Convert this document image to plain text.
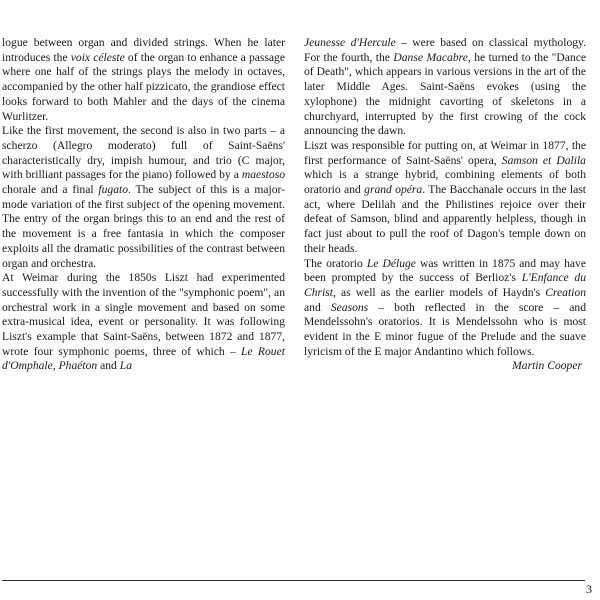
logue between organ and divided strings. When he later introduces the voix céleste of the organ to enhance a passage where one half of the strings plays the melody in octaves, accompanied by the other half pizzicato, the grandiose effect looks forward to both Mahler and the days of the cinema Wurlitzer.

Like the first movement, the second is also in two parts – a scherzo (Allegro moderato) full of Saint-Saëns' characteristically dry, impish humour, and trio (C major, with brilliant passages for the piano) followed by a maestoso chorale and a final fugato. The subject of this is a major-mode variation of the first subject of the opening movement. The entry of the organ brings this to an end and the rest of the movement is a free fantasia in which the composer exploits all the dramatic possibilities of the contrast between organ and orchestra.

At Weimar during the 1850s Liszt had experimented successfully with the invention of the "symphonic poem", an orchestral work in a single movement and based on some extra-musical idea, event or personality. It was following Liszt's example that Saint-Saëns, between 1872 and 1877, wrote four symphonic poems, three of which – Le Rouet d'Omphale, Phaéton and La

Jeunesse d'Hercule – were based on classical mythology. For the fourth, the Danse Macabre, he turned to the "Dance of Death", which appears in various versions in the art of the later Middle Ages. Saint-Saëns evokes (using the xylophone) the midnight cavorting of skeletons in a churchyard, interrupted by the first crowing of the cock announcing the dawn.

Liszt was responsible for putting on, at Weimar in 1877, the first performance of Saint-Saëns' opera, Samson et Dalila which is a strange hybrid, combining elements of both oratorio and grand opéra. The Bacchanale occurs in the last act, where Delilah and the Philistines rejoice over their defeat of Samson, blind and apparently helpless, though in fact just about to pull the roof of Dagon's temple down on their heads.

The oratorio Le Déluge was written in 1875 and may have been prompted by the success of Berlioz's L'Enfance du Christ, as well as the earlier models of Haydn's Creation and Seasons – both reflected in the score – and Mendelssohn's oratorios. It is Mendelssohn who is most evident in the E minor fugue of the Prelude and the suave lyricism of the E major Andantino which follows.

Martin Cooper

3
